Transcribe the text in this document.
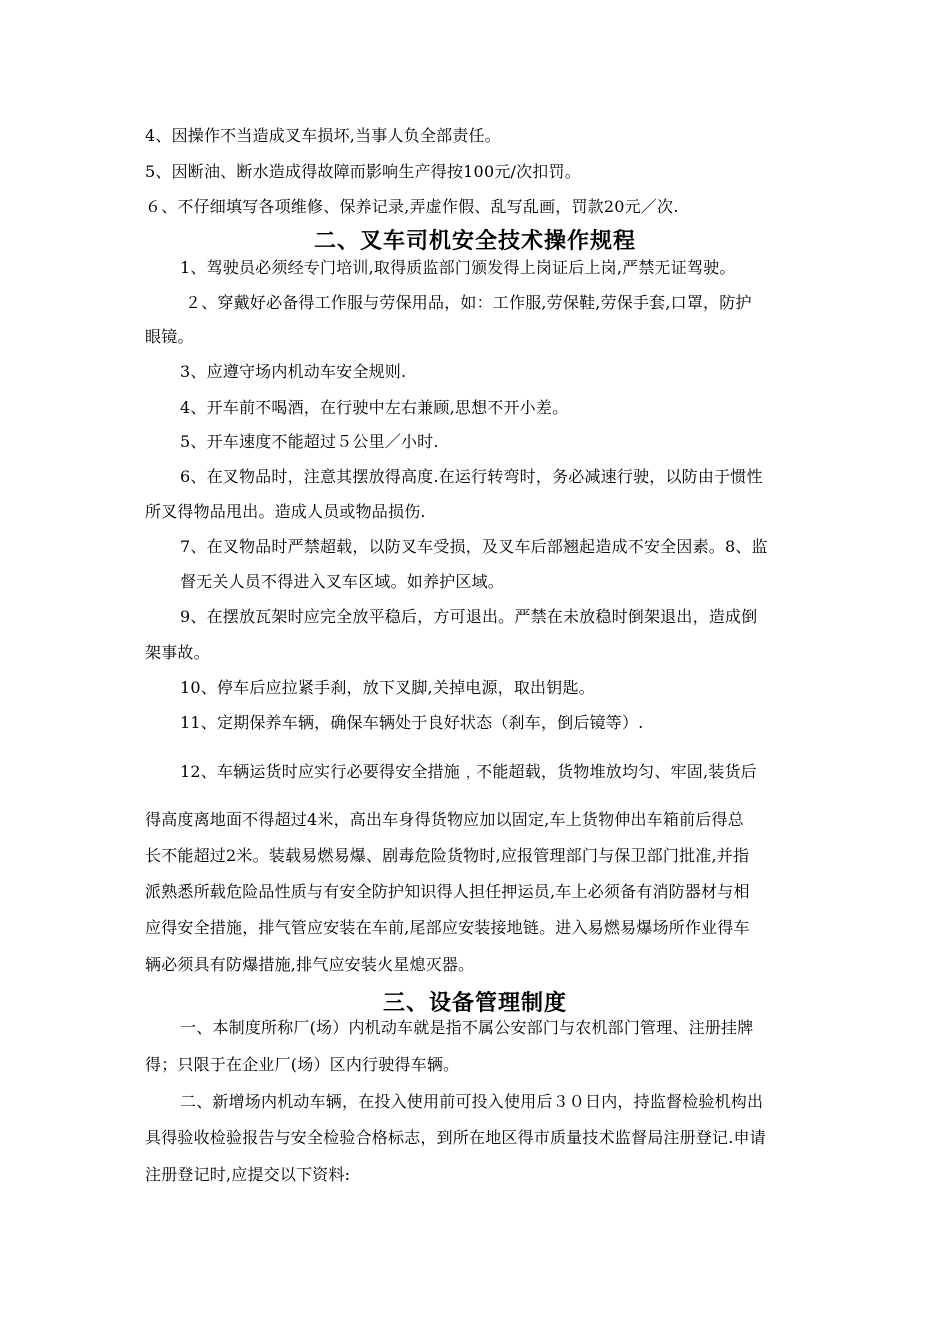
4、因操作不当造成叉车损坏,当事人负全部责任。
5、因断油、断水造成得故障而影响生产得按100元/次扣罚。
６、不仔细填写各项维修、保养记录,弄虚作假、乱写乱画，罚款20元／次.
二、叉车司机安全技术操作规程
1、驾驶员必须经专门培训,取得质监部门颁发得上岗证后上岗,严禁无证驾驶。
２、穿戴好必备得工作服与劳保用品，如：工作服,劳保鞋,劳保手套,口罩，防护
眼镜。
3、应遵守场内机动车安全规则.
4、开车前不喝酒，在行驶中左右兼顾,思想不开小差。
5、开车速度不能超过５公里／小时.
6、在叉物品时，注意其摆放得高度.在运行转弯时，务必减速行驶，以防由于惯性
所叉得物品甩出。造成人员或物品损伤.
7、在叉物品时严禁超载，以防叉车受损，及叉车后部翘起造成不安全因素。8、监
督无关人员不得进入叉车区域。如养护区域。
9、在摆放瓦架时应完全放平稳后，方可退出。严禁在未放稳时倒架退出，造成倒
架事故。
10、停车后应拉紧手刹，放下叉脚,关掉电源，取出钥匙。
11、定期保养车辆，确保车辆处于良好状态（刹车，倒后镜等）.
12、车辆运货时应实行必要得安全措施﹐不能超载，货物堆放均匀、牢固,装货后
得高度离地面不得超过4米，高出车身得货物应加以固定,车上货物伸出车箱前后得总
长不能超过2米。装载易燃易爆、剧毒危险货物时,应报管理部门与保卫部门批准,并指
派熟悉所载危险品性质与有安全防护知识得人担任押运员,车上必须备有消防器材与相
应得安全措施，排气管应安装在车前,尾部应安装接地链。进入易燃易爆场所作业得车
辆必须具有防爆措施,排气应安装火星熄灭器。
三、设备管理制度
一、本制度所称厂(场）内机动车就是指不属公安部门与农机部门管理、注册挂牌
得；只限于在企业厂(场）区内行驶得车辆。
二、新增场内机动车辆，在投入使用前可投入使用后３０日内，持监督检验机构出
具得验收检验报告与安全检验合格标志，到所在地区得市质量技术监督局注册登记.申请
注册登记时,应提交以下资料:
